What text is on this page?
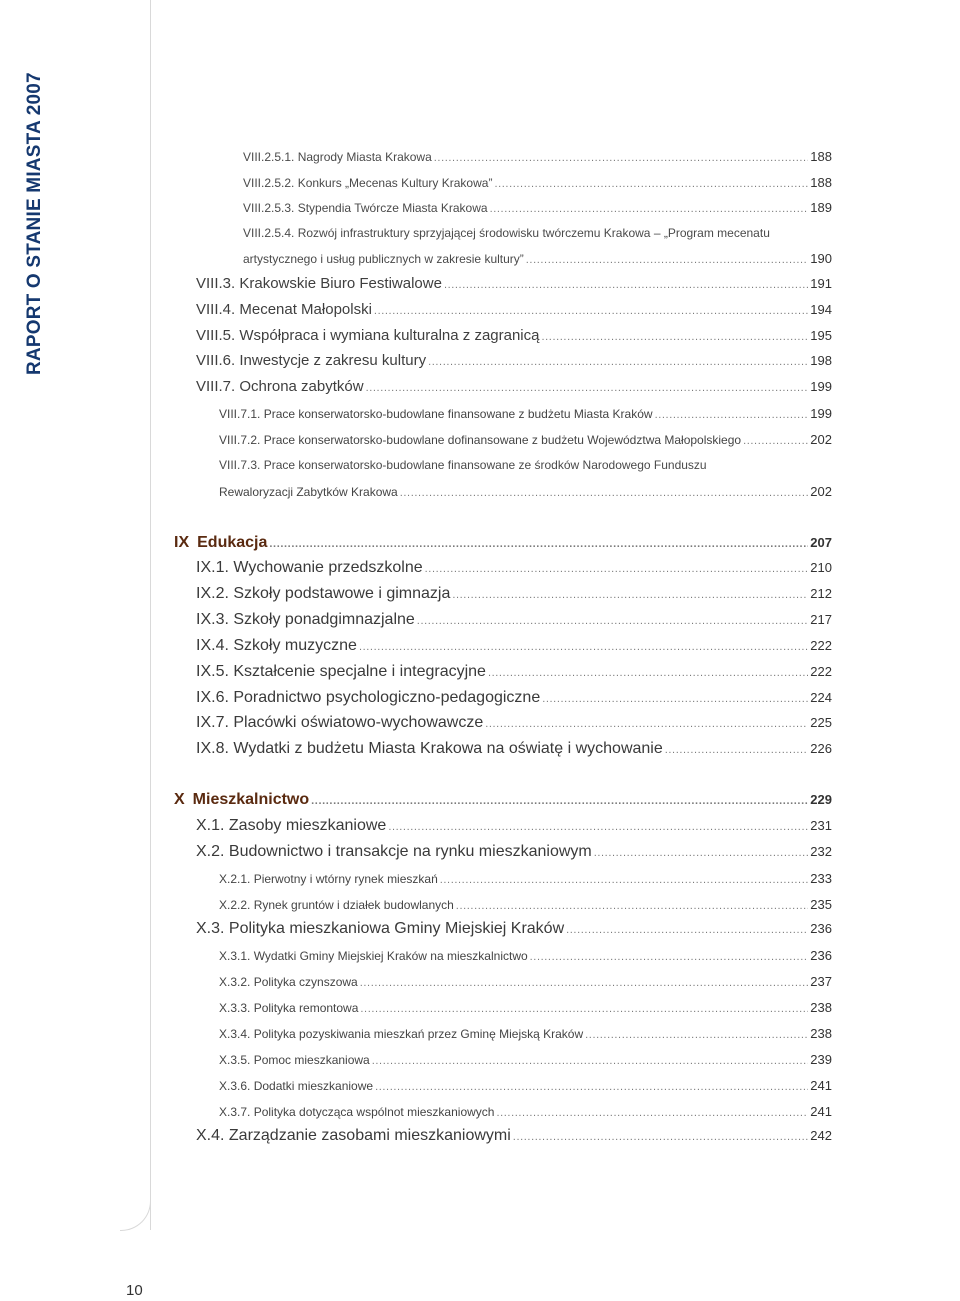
RAPORT O STANIE MIASTA 2007
10
VIII.2.5.1. Nagrody Miasta Krakowa .....	188
VIII.2.5.2. Konkurs „Mecenas Kultury Krakowa” .....	188
VIII.2.5.3. Stypendia Twórcze Miasta Krakowa .....	189
VIII.2.5.4. Rozwój infrastruktury sprzyjającej środowisku twórczemu Krakowa – „Program mecenatu
artystycznego i usług publicznych w zakresie kultury” .....	190
VIII.3. Krakowskie Biuro Festiwalowe .....	191
VIII.4. Mecenat Małopolski .....	194
VIII.5. Współpraca i wymiana kulturalna z zagranicą .....	195
VIII.6. Inwestycje z zakresu kultury .....	198
VIII.7. Ochrona zabytków .....	199
VIII.7.1. Prace konserwatorsko-budowlane finansowane z budżetu Miasta Kraków .....	199
VIII.7.2. Prace konserwatorsko-budowlane dofinansowane z budżetu Województwa Małopolskiego .....	202
VIII.7.3. Prace konserwatorsko-budowlane finansowane ze środków Narodowego Funduszu
Rewaloryzacji Zabytków Krakowa .....	202
IX Edukacja .....	207
IX.1. Wychowanie przedszkolne .....	210
IX.2. Szkoły podstawowe i gimnazja .....	212
IX.3. Szkoły ponadgimnazjalne .....	217
IX.4. Szkoły muzyczne .....	222
IX.5. Kształcenie specjalne i integracyjne .....	222
IX.6. Poradnictwo psychologiczno-pedagogiczne .....	224
IX.7. Placówki oświatowo-wychowawcze .....	225
IX.8. Wydatki z budżetu Miasta Krakowa na oświatę i wychowanie .....	226
X Mieszkalnictwo .....	229
X.1. Zasoby mieszkaniowe .....	231
X.2. Budownictwo i transakcje na rynku mieszkaniowym .....	232
X.2.1. Pierwotny i wtórny rynek mieszkań .....	233
X.2.2. Rynek gruntów i działek budowlanych .....	235
X.3. Polityka mieszkaniowa Gminy Miejskiej Kraków .....	236
X.3.1. Wydatki Gminy Miejskiej Kraków na mieszkalnictwo .....	236
X.3.2. Polityka czynszowa .....	237
X.3.3. Polityka remontowa .....	238
X.3.4. Polityka pozyskiwania mieszkań przez Gminę Miejską Kraków .....	238
X.3.5. Pomoc mieszkaniowa .....	239
X.3.6. Dodatki mieszkaniowe .....	241
X.3.7. Polityka dotycząca wspólnot mieszkaniowych .....	241
X.4. Zarządzanie zasobami mieszkaniowymi .....	242
